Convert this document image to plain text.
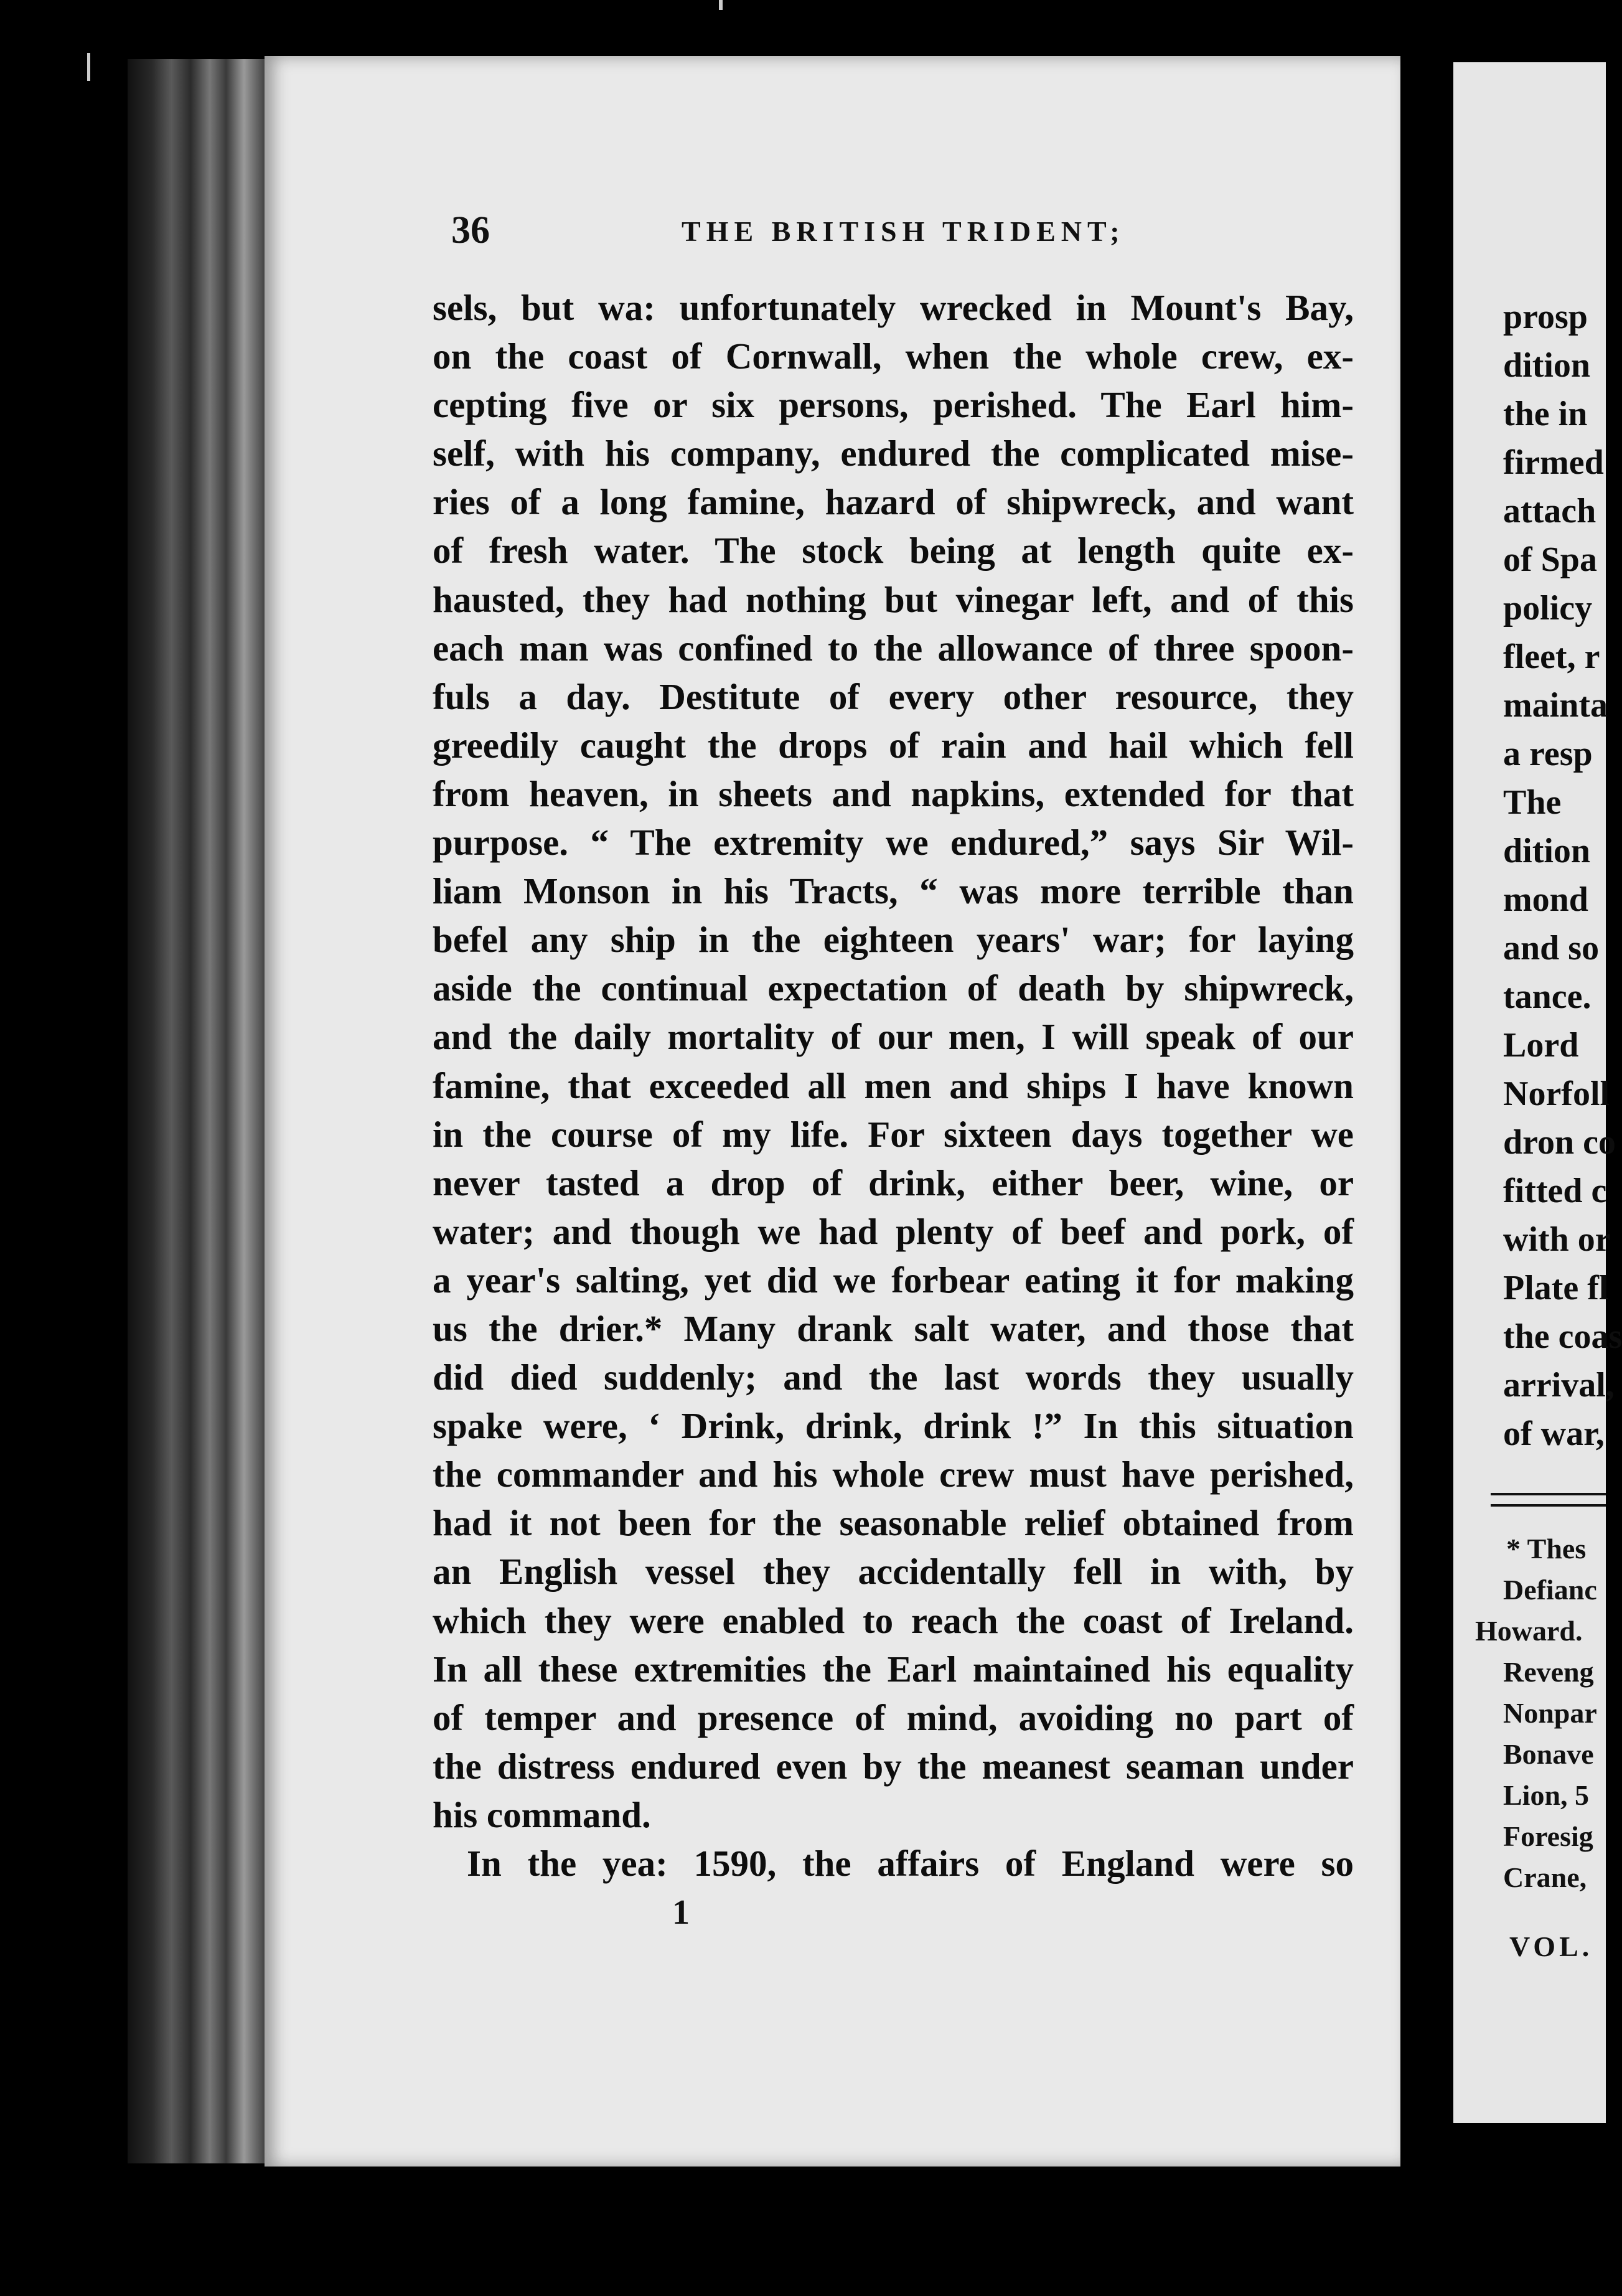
36	THE BRITISH TRIDENT;
sels, but wa: unfortunately wrecked in Mount's Bay,
on the coast of Cornwall, when the whole crew, ex-
cepting five or six persons, perished. The Earl him-
self, with his company, endured the complicated mise-
ries of a long famine, hazard of shipwreck, and want
of fresh water. The stock being at length quite ex-
hausted, they had nothing but vinegar left, and of this
each man was confined to the allowance of three spoon-
fuls a day. Destitute of every other resource, they
greedily caught the drops of rain and hail which fell
from heaven, in sheets and napkins, extended for that
purpose. “ The extremity we endured,” says Sir Wil-
liam Monson in his Tracts, “ was more terrible than
befel any ship in the eighteen years' war; for laying
aside the continual expectation of death by shipwreck,
and the daily mortality of our men, I will speak of our
famine, that exceeded all men and ships I have known
in the course of my life. For sixteen days together we
never tasted a drop of drink, either beer, wine, or
water; and though we had plenty of beef and pork, of
a year's salting, yet did we forbear eating it for making
us the drier.* Many drank salt water, and those that
did died suddenly; and the last words they usually
spake were, ‘ Drink, drink, drink !” In this situation
the commander and his whole crew must have perished,
had it not been for the seasonable relief obtained from
an English vessel they accidentally fell in with, by
which they were enabled to reach the coast of Ireland.
In all these extremities the Earl maintained his equality
of temper and presence of mind, avoiding no part of
the distress endured even by the meanest seaman under
his command.
In the yea: 1590, the affairs of England were so
1
prosp
dition
the in
firmed
attach
of Spa
policy
fleet, r
mainta
a resp
The
dition
mond
and so
tance.
Lord
Norfoll
dron co
fitted c
with or
Plate fl
the coas
arrival,
of war,
* Thes
Defianc
Howard.
Reveng
Nonpar
Bonave
Lion, 5
Foresig
Crane,
VOL.
